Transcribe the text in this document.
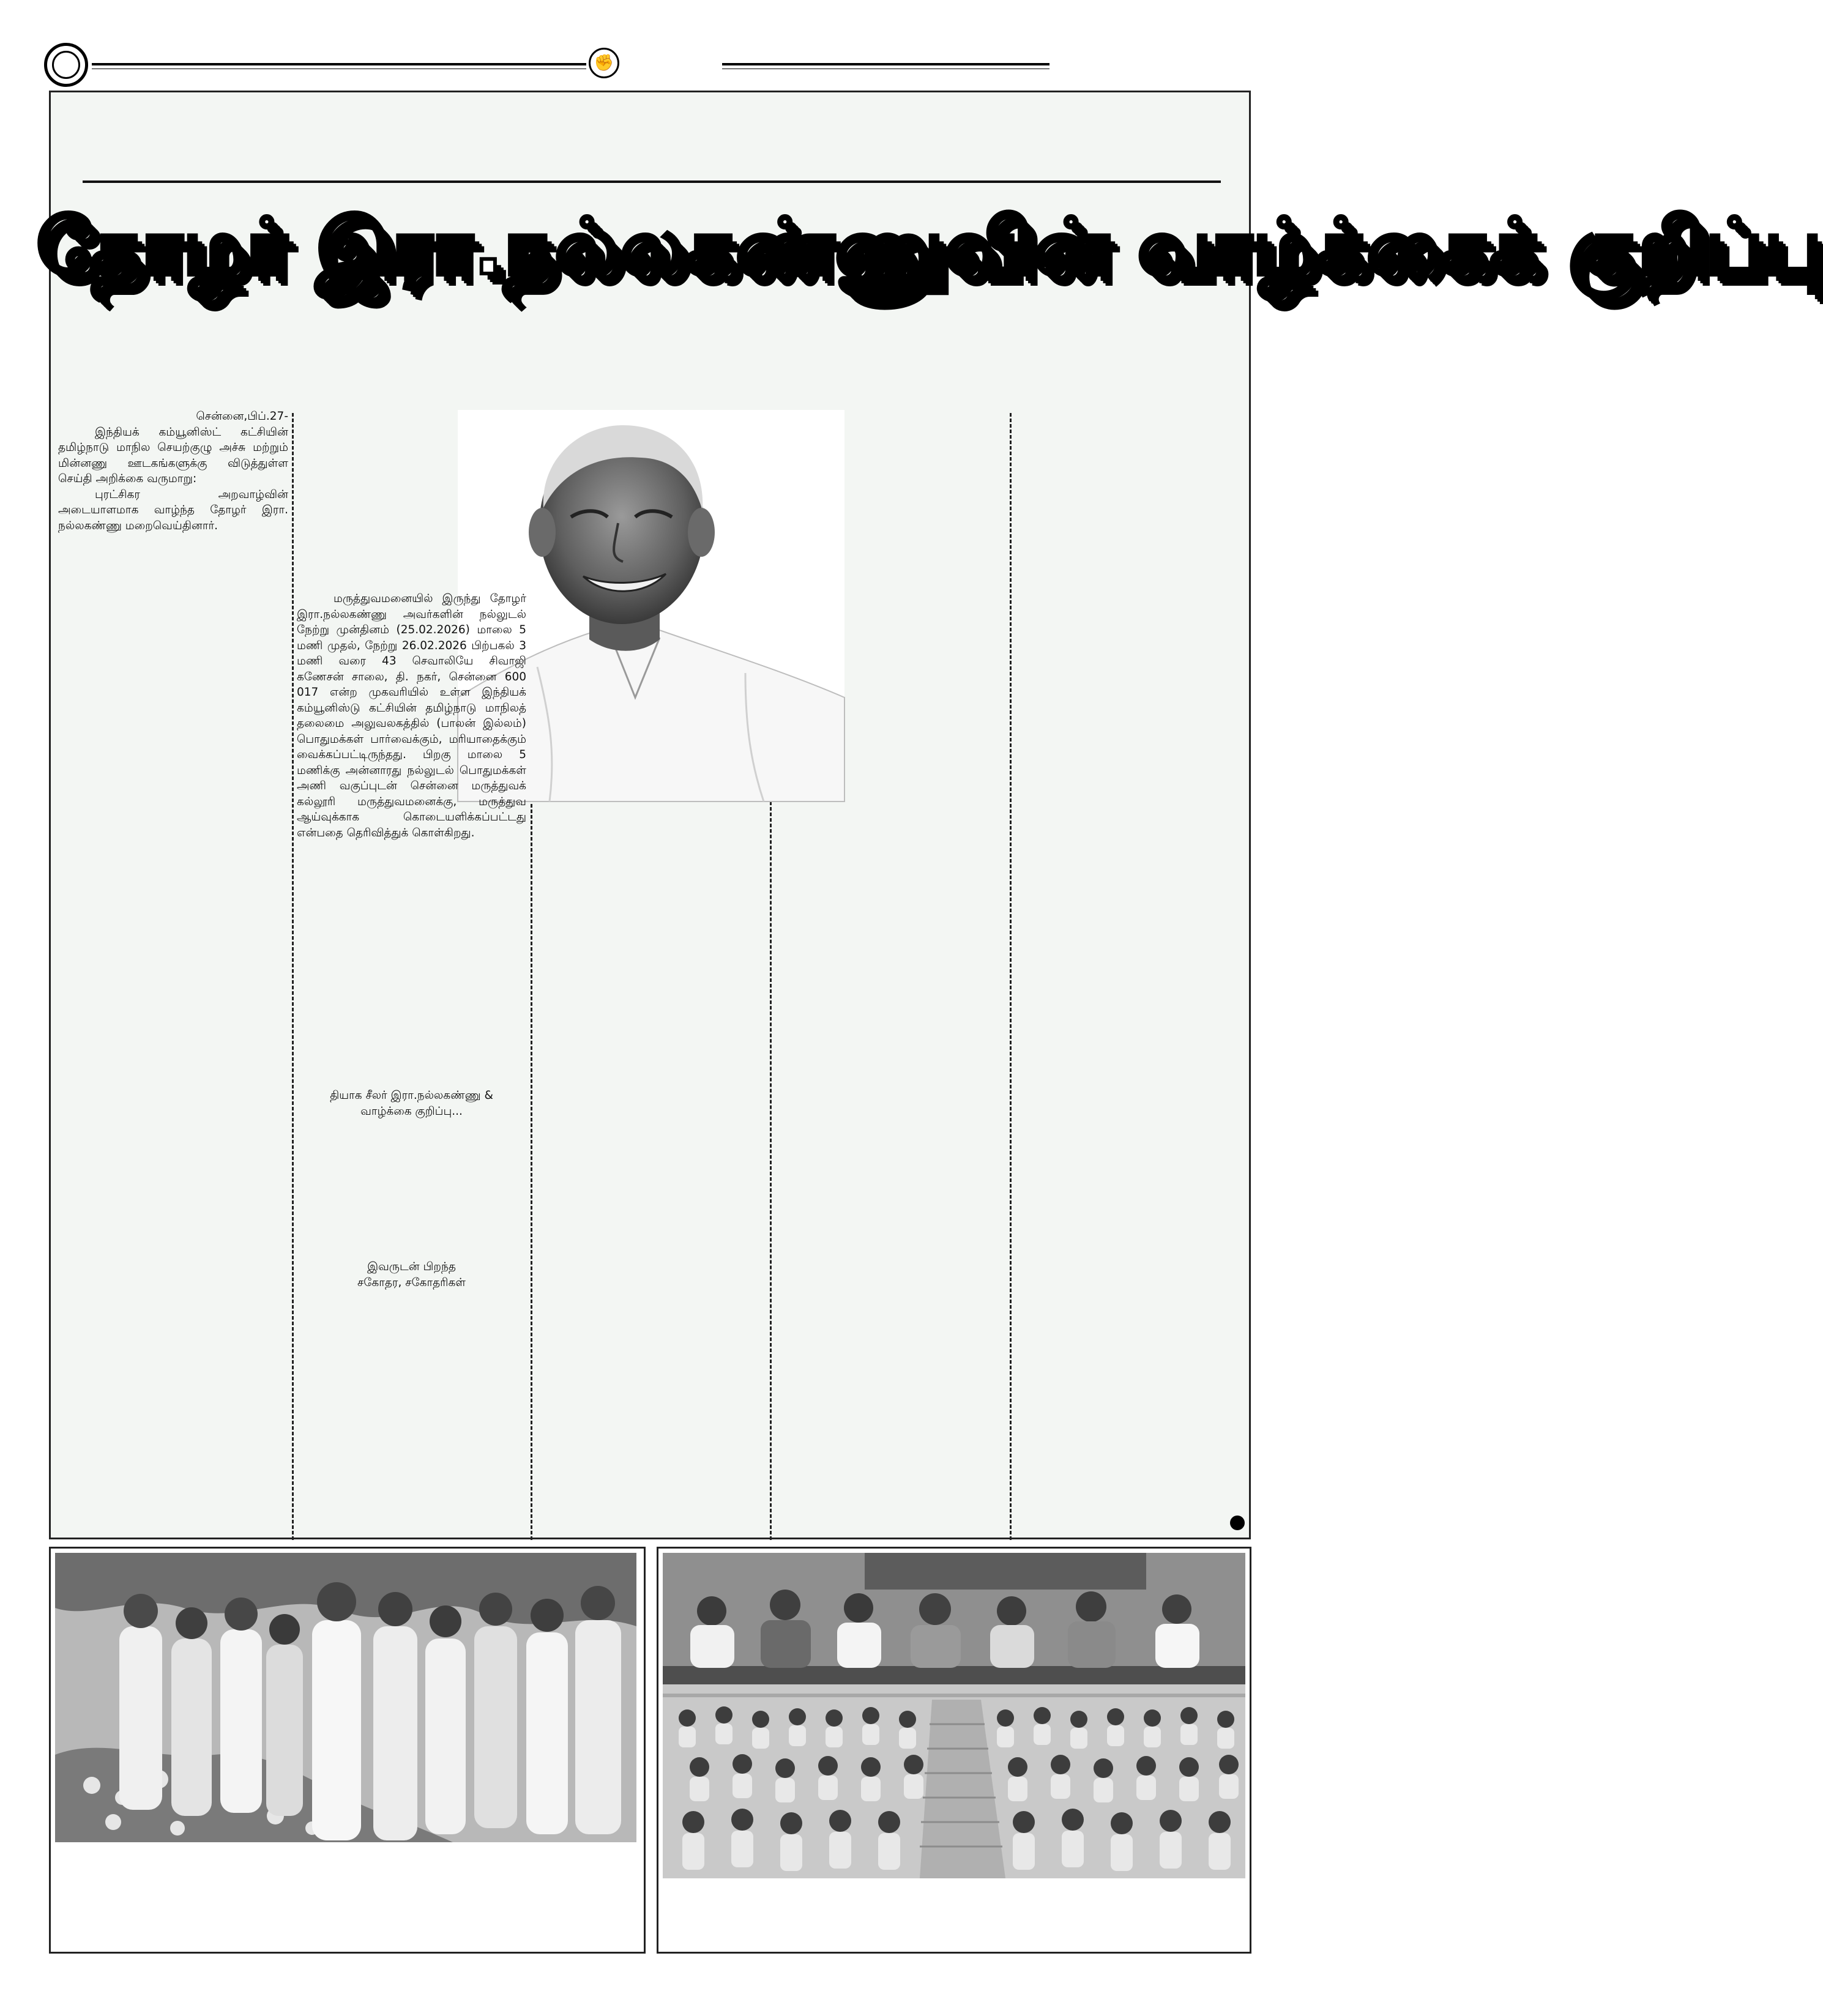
✊
தோழர் இரா.நல்லகண்ணுவின் வாழ்க்கைக் குறிப்பு

சென்னை,பிப்.27-

இந்தியக் கம்யூனிஸ்ட் கட்சியின் தமிழ்நாடு மாநில செயற்குழு அச்சு மற்றும் மின்னணு ஊடகங்களுக்கு விடுத்துள்ள செய்தி அறிக்கை வருமாறு:

புரட்சிகர அறவாழ்வின் அடையாளமாக வாழ்ந்த தோழர் இரா. நல்லகண்ணு மறைவெய்தினார்.

மருத்துவமனையில் இருந்து தோழர் இரா.நல்லகண்ணு அவர்களின் நல்லுடல் நேற்று முன்தினம் (25.02.2026) மாலை 5 மணி முதல், நேற்று 26.02.2026 பிற்பகல் 3 மணி வரை 43 செவாலியே சிவாஜி கணேசன் சாலை, தி. நகர், சென்னை 600 017 என்ற முகவரியில் உள்ள இந்தியக் கம்யூனிஸ்டு கட்சியின் தமிழ்நாடு மாநிலத் தலைமை அலுவலகத்தில் (பாலன் இல்லம்) பொதுமக்கள் பார்வைக்கும், மரியாதைக்கும் வைக்கப்பட்டிருந்தது. பிறகு மாலை 5 மணிக்கு அன்னாரது நல்லுடல் பொதுமக்கள் அணி வகுப்புடன் சென்னை மருத்துவக் கல்லூரி மருத்துவமனைக்கு, மருத்துவ ஆய்வுக்காக கொடையளிக்கப்பட்டது என்பதை தெரிவித்துக் கொள்கிறது.

தியாக சீலர் இரா.நல்லகண்ணு ‌&

வாழ்க்கை குறிப்பு...

இவருடன் பிறந்த

சகோதர, சகோதரிகள்
